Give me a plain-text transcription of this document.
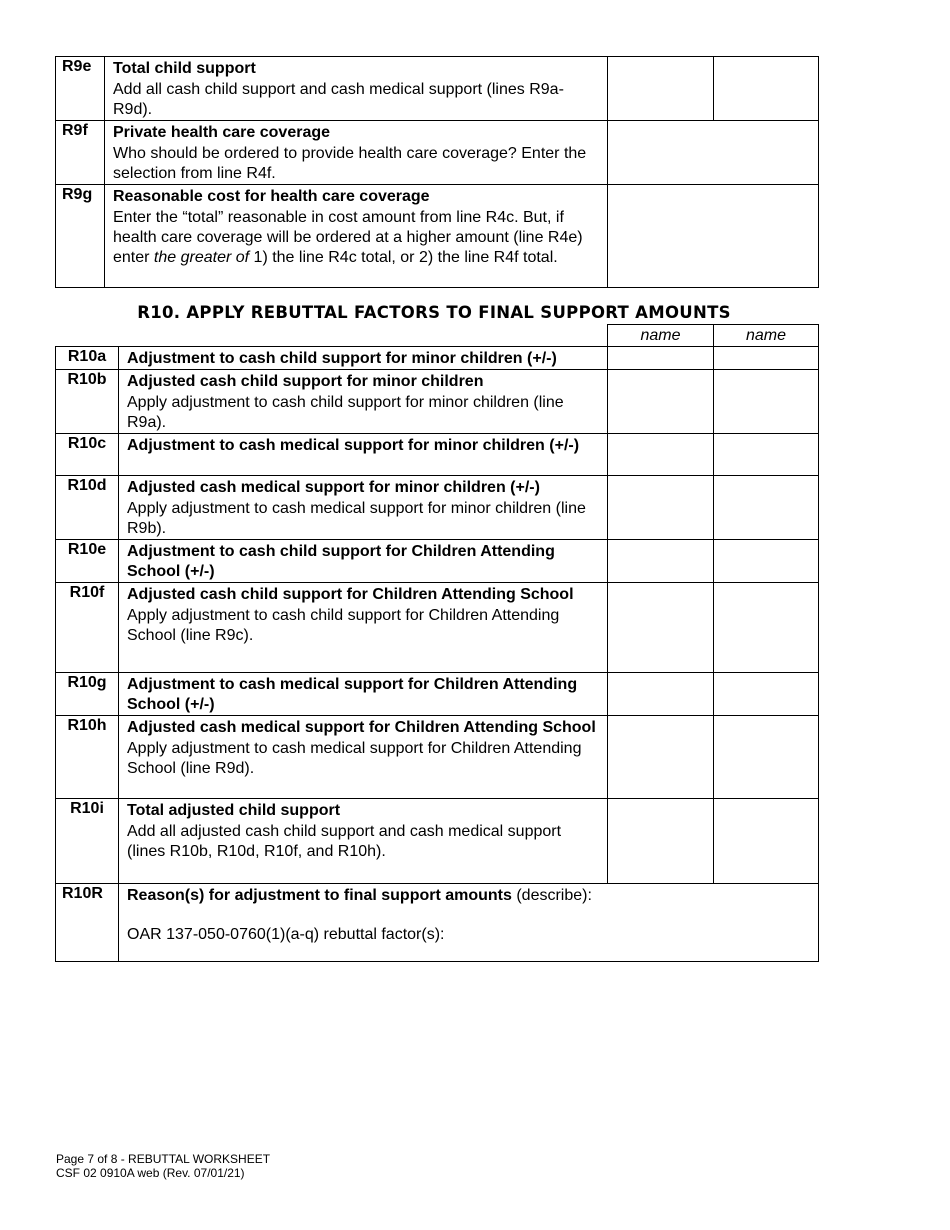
R9e	Total child support
Add all cash child support and cash medical support (lines R9a-R9d).		

R9f	Private health care coverage
Who should be ordered to provide health care coverage? Enter the selection from line R4f.		

R9g	Reasonable cost for health care coverage
Enter the “total” reasonable in cost amount from line R4c. But, if health care coverage will be ordered at a higher amount (line R4e) enter the greater of 1) the line R4c total, or 2) the line R4f total.		

R10. APPLY REBUTTAL FACTORS TO FINAL SUPPORT AMOUNTS
		name	name
R10a	Adjustment to cash child support for minor children (+/-)		

R10b	Adjusted cash child support for minor children
Apply adjustment to cash child support for minor children (line R9a).		

R10c	Adjustment to cash medical support for minor children (+/-)		

R10d	Adjusted cash medical support for minor children (+/-)
Apply adjustment to cash medical support for minor children (line R9b).		

R10e	Adjustment to cash child support for Children Attending School (+/-)		

R10f	Adjusted cash child support for Children Attending School
Apply adjustment to cash child support for Children Attending School (line R9c).		

R10g	Adjustment to cash medical support for Children Attending School (+/-)		

R10h	Adjusted cash medical support for Children Attending School
Apply adjustment to cash medical support for Children Attending School (line R9d).		

R10i	Total adjusted child support
Add all adjusted cash child support and cash medical support (lines R10b, R10d, R10f, and R10h).		

R10R	Reason(s) for adjustment to final support amounts (describe):
OAR 137-050-0760(1)(a-q) rebuttal factor(s):		
Page 7 of 8 - REBUTTAL WORKSHEET
CSF 02 0910A web (Rev. 07/01/21)
